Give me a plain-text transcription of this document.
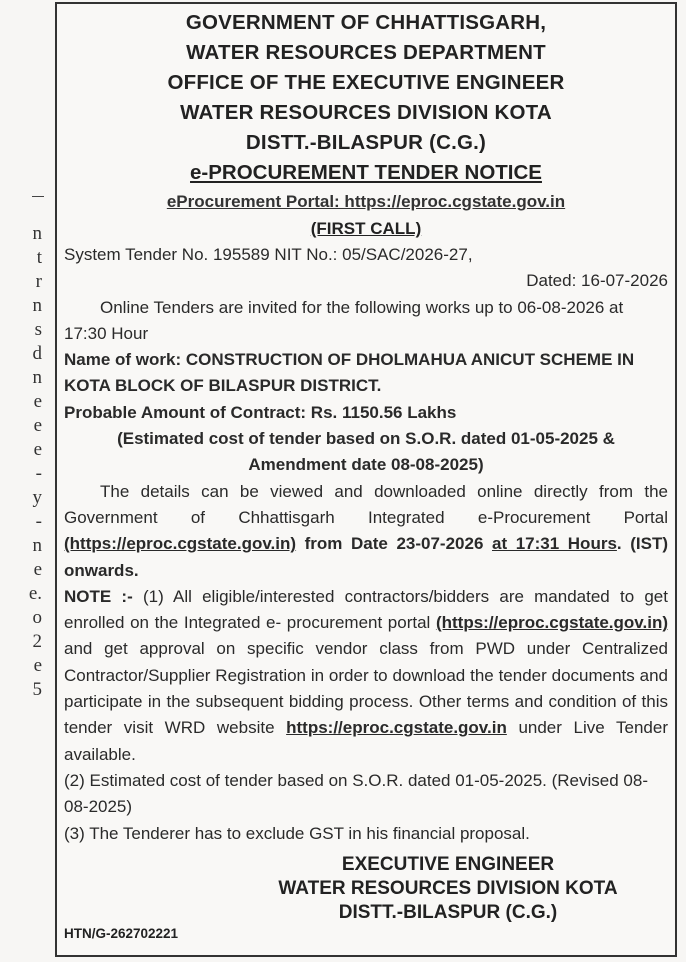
n
t
r
n
s
d
n
e
e
e
-
y
-
n
e
e.
o
2
e
5
GOVERNMENT OF CHHATTISGARH,
WATER RESOURCES DEPARTMENT
OFFICE OF THE EXECUTIVE ENGINEER
WATER RESOURCES DIVISION KOTA
DISTT.-BILASPUR (C.G.)
e-PROCUREMENT TENDER NOTICE
eProcurement Portal: https://eproc.cgstate.gov.in
(FIRST CALL)
System Tender No. 195589 NIT No.: 05/SAC/2026-27,
Dated: 16-07-2026
Online Tenders are invited for the following works up to 06-08-2026 at 17:30 Hour
Name of work: CONSTRUCTION OF DHOLMAHUA ANICUT SCHEME IN KOTA BLOCK OF BILASPUR DISTRICT.
Probable Amount of Contract: Rs. 1150.56 Lakhs
(Estimated cost of tender based on S.O.R. dated 01-05-2025 & Amendment date 08-08-2025)
The details can be viewed and downloaded online directly from the Government of Chhattisgarh Integrated e-Procurement Portal (https://eproc.cgstate.gov.in) from Date 23-07-2026 at 17:31 Hours. (IST) onwards.
NOTE :- (1) All eligible/interested contractors/bidders are mandated to get enrolled on the Integrated e- procurement portal (https://eproc.cgstate.gov.in) and get approval on specific vendor class from PWD under Centralized Contractor/Supplier Registration in order to download the tender documents and participate in the subsequent bidding process. Other terms and condition of this tender visit WRD website https://eproc.cgstate.gov.in under Live Tender available.
(2) Estimated cost of tender based on S.O.R. dated 01-05-2025. (Revised 08-08-2025)
(3) The Tenderer has to exclude GST in his financial proposal.
EXECUTIVE ENGINEER
WATER RESOURCES DIVISION KOTA
DISTT.-BILASPUR (C.G.)
HTN/G-262702221
